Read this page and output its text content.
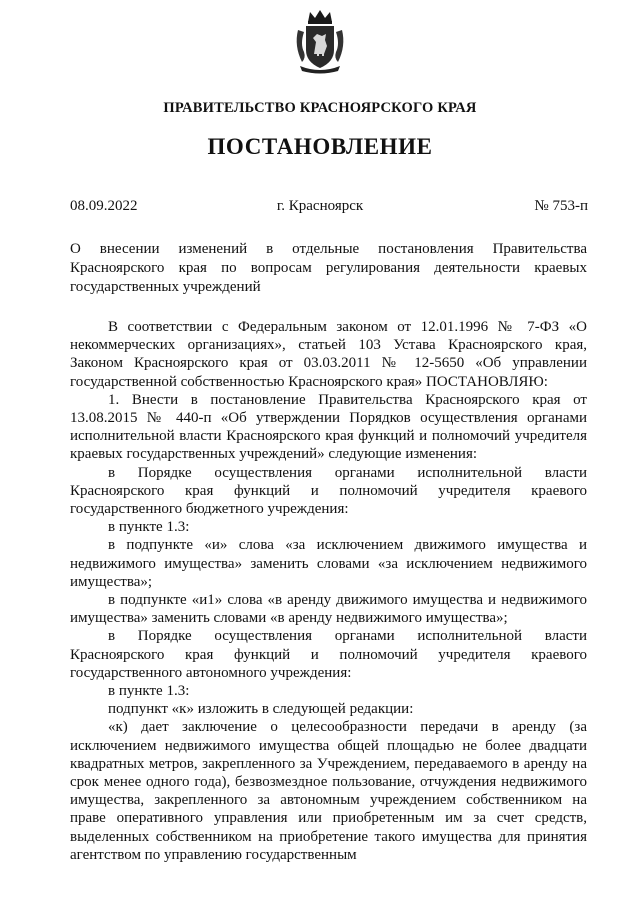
ПРАВИТЕЛЬСТВО КРАСНОЯРСКОГО КРАЯ
ПОСТАНОВЛЕНИЕ
08.09.2022	г. Красноярск	№ 753-п
О внесении изменений в отдельные постановления Правительства Красноярского края по вопросам регулирования деятельности краевых государственных учреждений

В соответствии с Федеральным законом от 12.01.1996 № 7-ФЗ «О некоммерческих организациях», статьей 103 Устава Красноярского края, Законом Красноярского края от 03.03.2011 № 12-5650 «Об управлении государственной собственностью Красноярского края» ПОСТАНОВЛЯЮ:

1. Внести в постановление Правительства Красноярского края от 13.08.2015 № 440-п «Об утверждении Порядков осуществления органами исполнительной власти Красноярского края функций и полномочий учредителя краевых государственных учреждений» следующие изменения:

в Порядке осуществления органами исполнительной власти Красноярского края функций и полномочий учредителя краевого государственного бюджетного учреждения:

в пункте 1.3:

в подпункте «и» слова «за исключением движимого имущества и недвижимого имущества» заменить словами «за исключением недвижимого имущества»;

в подпункте «и1» слова «в аренду движимого имущества и недвижимого имущества» заменить словами «в аренду недвижимого имущества»;

в Порядке осуществления органами исполнительной власти Красноярского края функций и полномочий учредителя краевого государственного автономного учреждения:

в пункте 1.3:

подпункт «к» изложить в следующей редакции:

«к) дает заключение о целесообразности передачи в аренду (за исключением недвижимого имущества общей площадью не более двадцати квадратных метров, закрепленного за Учреждением, передаваемого в аренду на срок менее одного года), безвозмездное пользование, отчуждения недвижимого имущества, закрепленного за автономным учреждением собственником на праве оперативного управления или приобретенным им за счет средств, выделенных собственником на приобретение такого имущества для принятия агентством по управлению государственным
